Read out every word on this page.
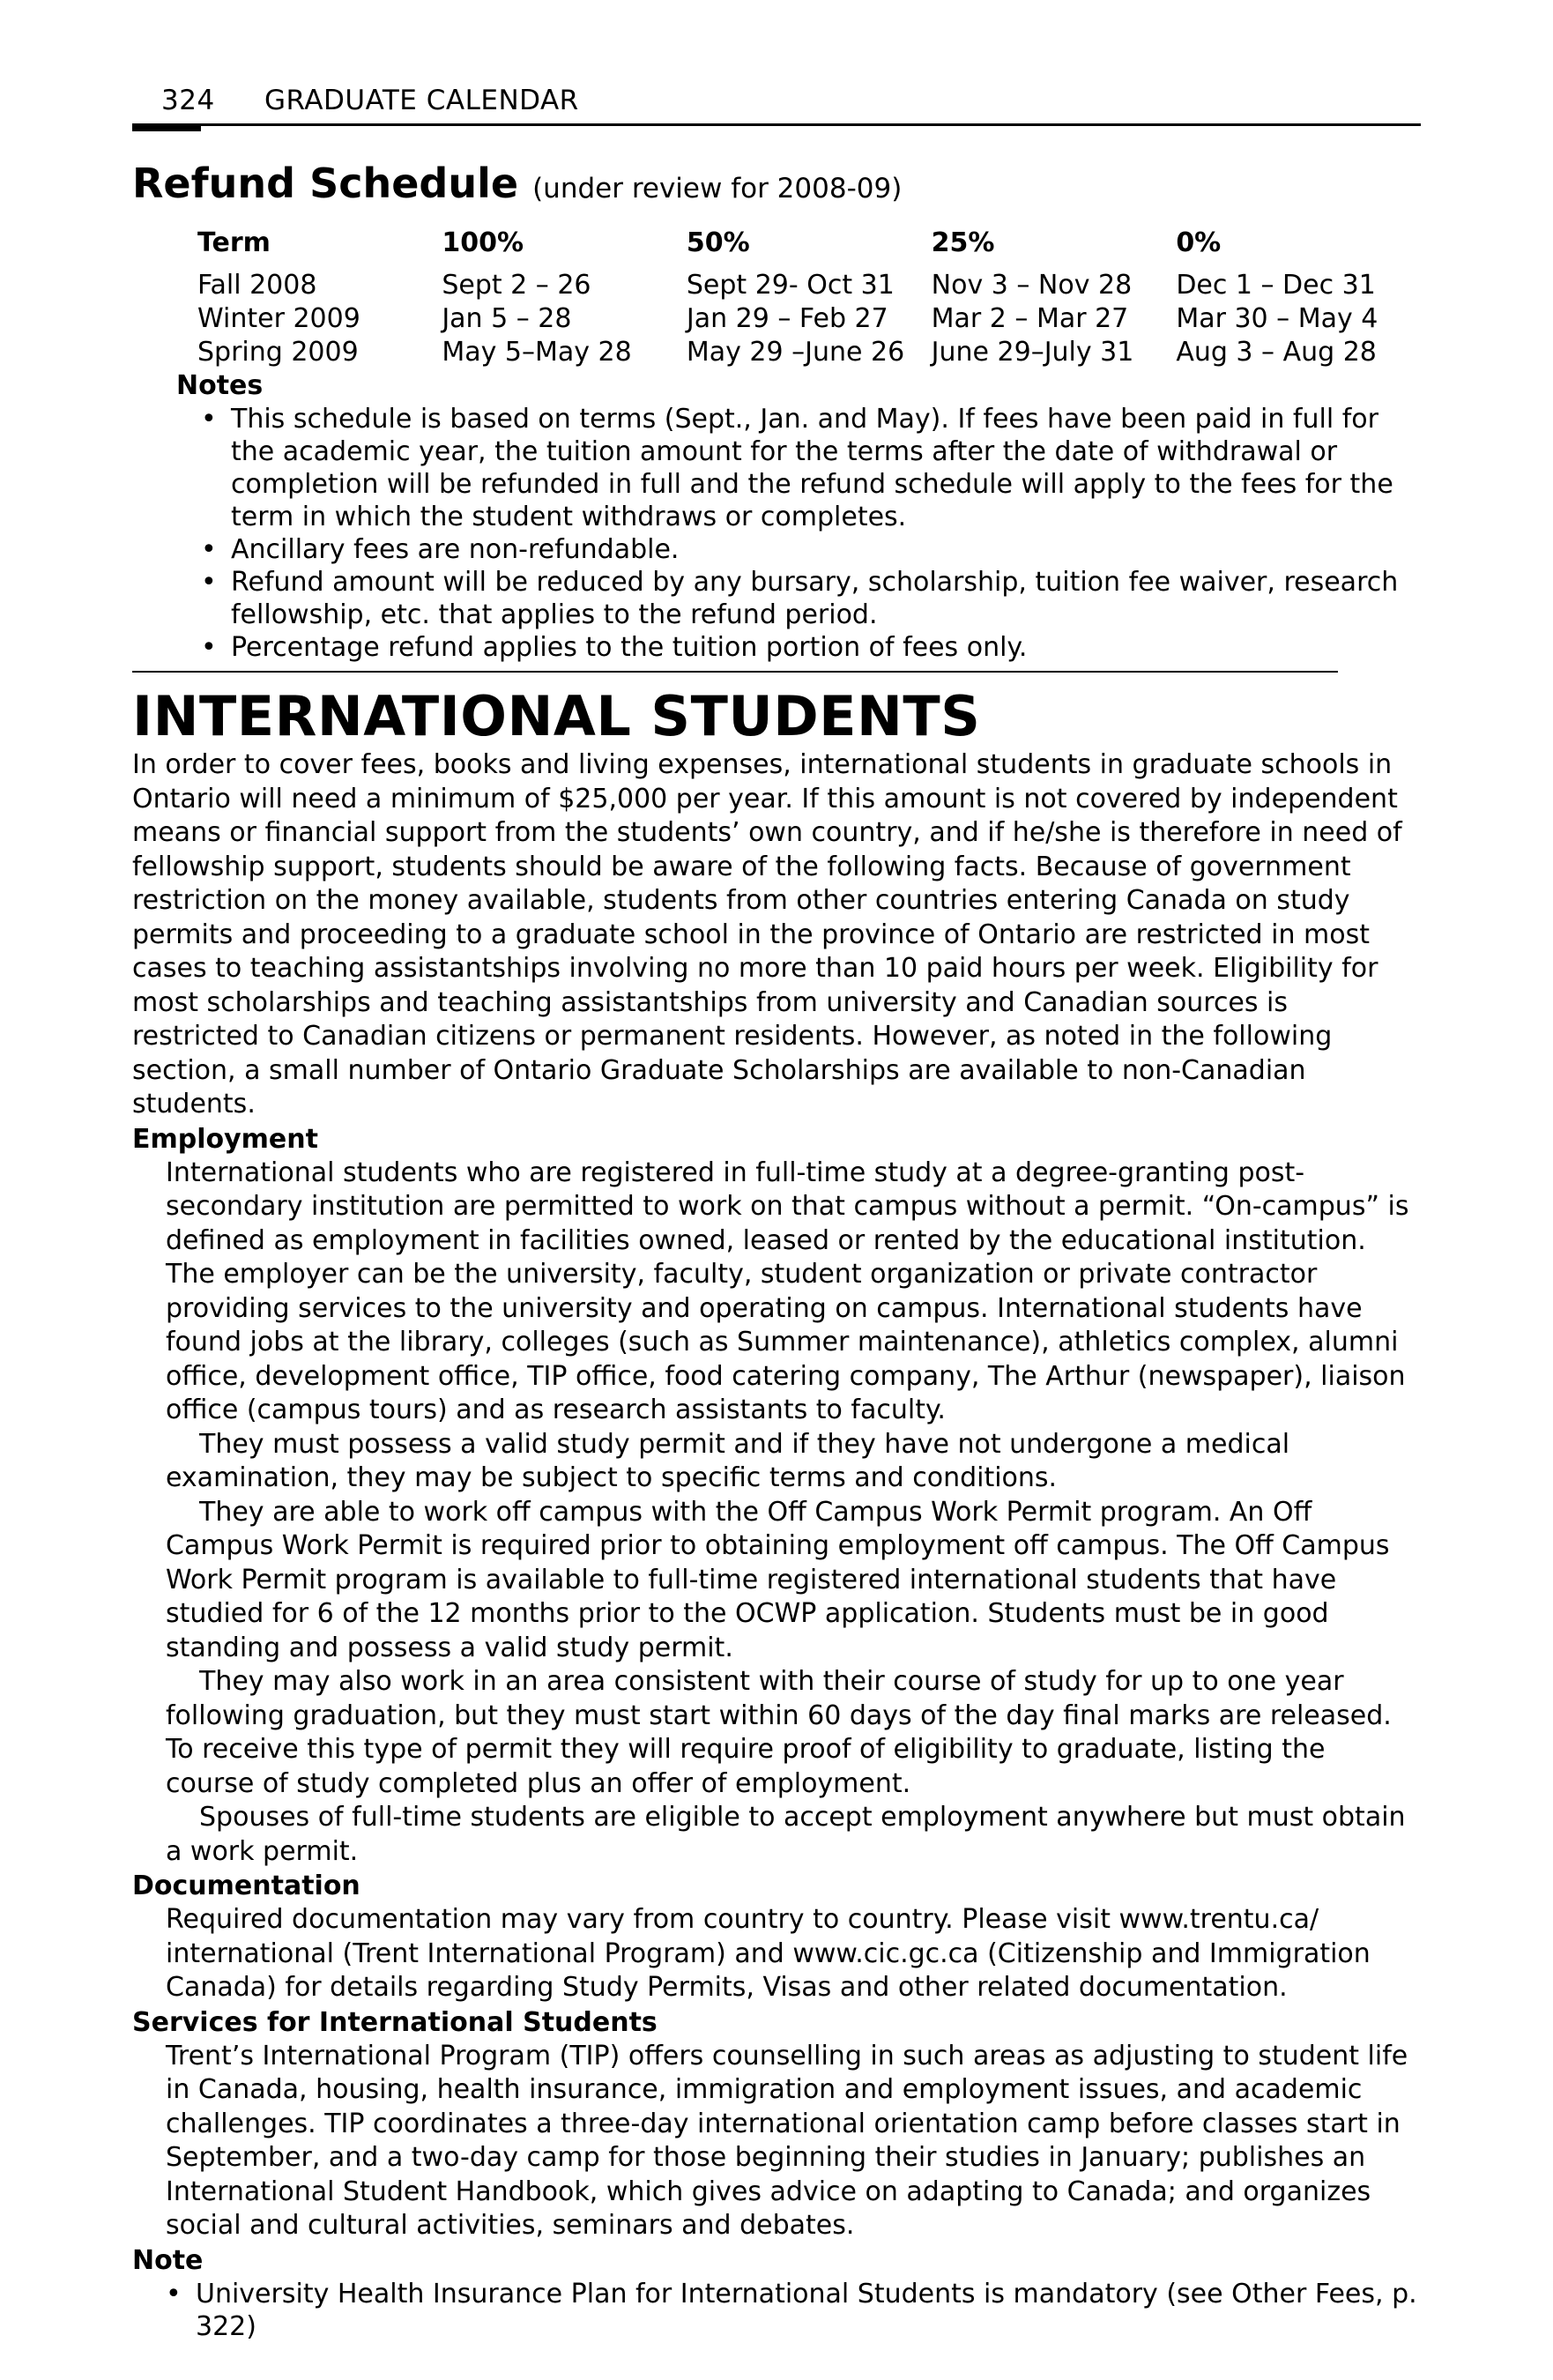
324 GRADUATE CALENDAR
Refund Schedule (under review for 2008-09)
Term	100%	50%	25%	0%
Fall 2008	Sept 2 – 26	Sept 29- Oct 31	Nov 3 – Nov 28	Dec 1 – Dec 31
Winter 2009	Jan 5 – 28	Jan 29 – Feb 27	Mar 2 – Mar 27	Mar 30 – May 4
Spring 2009	May 5–May 28	May 29 –June 26	June 29–July 31	Aug 3 – Aug 28
Notes
• This schedule is based on terms (Sept., Jan. and May). If fees have been paid in full for the academic year, the tuition amount for the terms after the date of withdrawal or completion will be refunded in full and the refund schedule will apply to the fees for the term in which the student withdraws or completes.
• Ancillary fees are non-refundable.
• Refund amount will be reduced by any bursary, scholarship, tuition fee waiver, research fellowship, etc. that applies to the refund period.
• Percentage refund applies to the tuition portion of fees only.
INTERNATIONAL STUDENTS

In order to cover fees, books and living expenses, international students in graduate schools in Ontario will need a minimum of $25,000 per year. If this amount is not covered by independent means or financial support from the students’ own country, and if he/she is therefore in need of fellowship support, students should be aware of the following facts. Because of government restriction on the money available, students from other countries entering Canada on study permits and proceeding to a graduate school in the province of Ontario are restricted in most cases to teaching assistantships involving no more than 10 paid hours per week. Eligibility for most scholarships and teaching assistantships from university and Canadian sources is restricted to Canadian citizens or permanent residents. However, as noted in the following section, a small number of Ontario Graduate Scholarships are available to non-Canadian students.

Employment

International students who are registered in full-time study at a degree-granting post-secondary institution are permitted to work on that campus without a permit. “On-campus” is defined as employment in facilities owned, leased or rented by the educational institution. The employer can be the university, faculty, student organization or private contractor providing services to the university and operating on campus. International students have found jobs at the library, colleges (such as Summer maintenance), athletics complex, alumni office, development office, TIP office, food catering company, The Arthur (newspaper), liaison office (campus tours) and as research assistants to faculty.

They must possess a valid study permit and if they have not undergone a medical examination, they may be subject to specific terms and conditions.

They are able to work off campus with the Off Campus Work Permit program. An Off Campus Work Permit is required prior to obtaining employment off campus. The Off Campus Work Permit program is available to full-time registered international students that have studied for 6 of the 12 months prior to the OCWP application. Students must be in good standing and possess a valid study permit.

They may also work in an area consistent with their course of study for up to one year following graduation, but they must start within 60 days of the day final marks are released. To receive this type of permit they will require proof of eligibility to graduate, listing the course of study completed plus an offer of employment.

Spouses of full-time students are eligible to accept employment anywhere but must obtain a work permit.

Documentation

Required documentation may vary from country to country. Please visit www.trentu.ca/ international (Trent International Program) and www.cic.gc.ca (Citizenship and Immigration Canada) for details regarding Study Permits, Visas and other related documentation.

Services for International Students

Trent’s International Program (TIP) offers counselling in such areas as adjusting to student life in Canada, housing, health insurance, immigration and employment issues, and academic challenges. TIP coordinates a three-day international orientation camp before classes start in September, and a two-day camp for those beginning their studies in January; publishes an International Student Handbook, which gives advice on adapting to Canada; and organizes social and cultural activities, seminars and debates.

Note
• University Health Insurance Plan for International Students is mandatory (see Other Fees, p. 322)
